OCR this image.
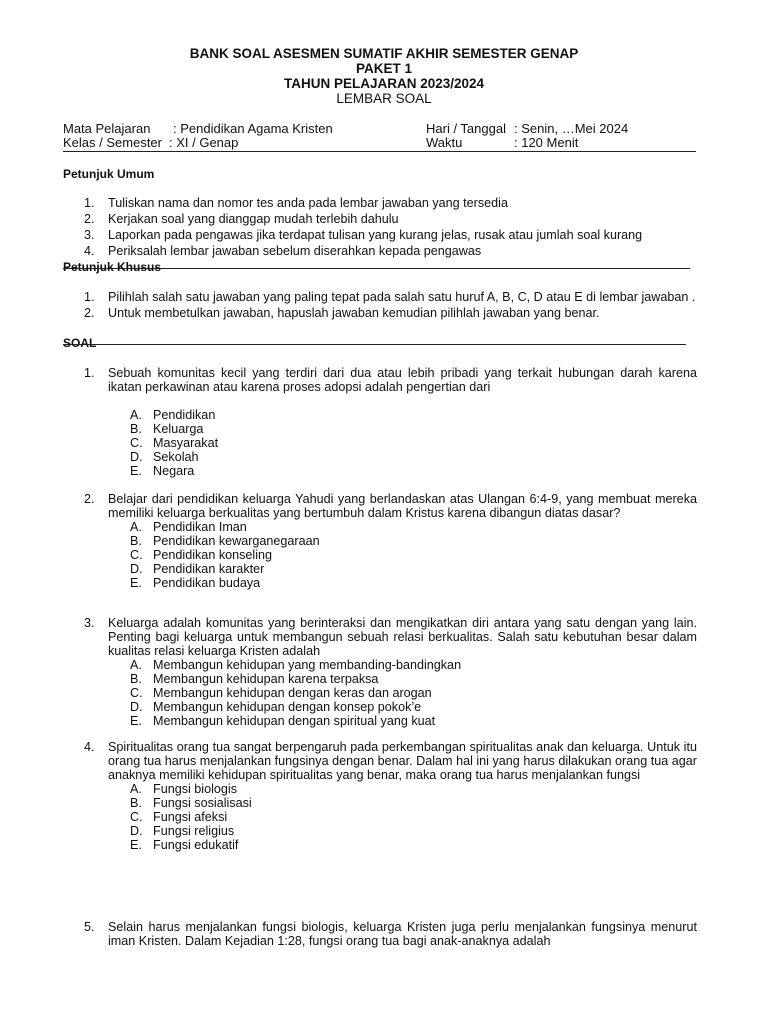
BANK SOAL ASESMEN SUMATIF AKHIR SEMESTER GENAP
PAKET 1
TAHUN PELAJARAN 2023/2024
LEMBAR SOAL
Mata Pelajaran : Pendidikan Agama Kristen
Kelas / Semester : XI / Genap
Hari / Tanggal : Senin, …Mei 2024
Waktu	: 120 Menit
Petunjuk Umum
1. Tuliskan nama dan nomor tes anda pada lembar jawaban yang tersedia
2. Kerjakan soal yang dianggap mudah terlebih dahulu
3. Laporkan pada pengawas jika terdapat tulisan yang kurang jelas, rusak atau jumlah soal kurang
4. Periksalah lembar jawaban sebelum diserahkan kepada pengawas
Petunjuk Khusus
1. Pilihlah salah satu jawaban yang paling tepat pada salah satu huruf A, B, C, D atau E di lembar jawaban .
2. Untuk membetulkan jawaban, hapuslah jawaban kemudian pilihlah jawaban yang benar.
SOAL
1. Sebuah komunitas kecil yang terdiri dari dua atau lebih pribadi yang terkait hubungan darah karena ikatan perkawinan atau karena proses adopsi adalah pengertian dari
A. Pendidikan
B. Keluarga
C. Masyarakat
D. Sekolah
E. Negara
2. Belajar dari pendidikan keluarga Yahudi yang berlandaskan atas Ulangan 6:4-9, yang membuat mereka memiliki keluarga berkualitas yang bertumbuh dalam Kristus karena dibangun diatas dasar?
A. Pendidikan Iman
B. Pendidikan kewarganegaraan
C. Pendidikan konseling
D. Pendidikan karakter
E. Pendidikan budaya
3. Keluarga adalah komunitas yang berinteraksi dan mengikatkan diri antara yang satu dengan yang lain. Penting bagi keluarga untuk membangun sebuah relasi berkualitas. Salah satu kebutuhan besar dalam kualitas relasi keluarga Kristen adalah
A. Membangun kehidupan yang membanding-bandingkan
B. Membangun kehidupan karena terpaksa
C. Membangun kehidupan dengan keras dan arogan
D. Membangun kehidupan dengan konsep pokok’e
E. Membangun kehidupan dengan spiritual yang kuat
4. Spiritualitas orang tua sangat berpengaruh pada perkembangan spiritualitas anak dan keluarga. Untuk itu orang tua harus menjalankan fungsinya dengan benar. Dalam hal ini yang harus dilakukan orang tua agar anaknya memiliki kehidupan spiritualitas yang benar, maka orang tua harus menjalankan fungsi
A. Fungsi biologis
B. Fungsi sosialisasi
C. Fungsi afeksi
D. Fungsi religius
E. Fungsi edukatif
5. Selain harus menjalankan fungsi biologis, keluarga Kristen juga perlu menjalankan fungsinya menurut iman Kristen. Dalam Kejadian 1:28, fungsi orang tua bagi anak-anaknya adalah
